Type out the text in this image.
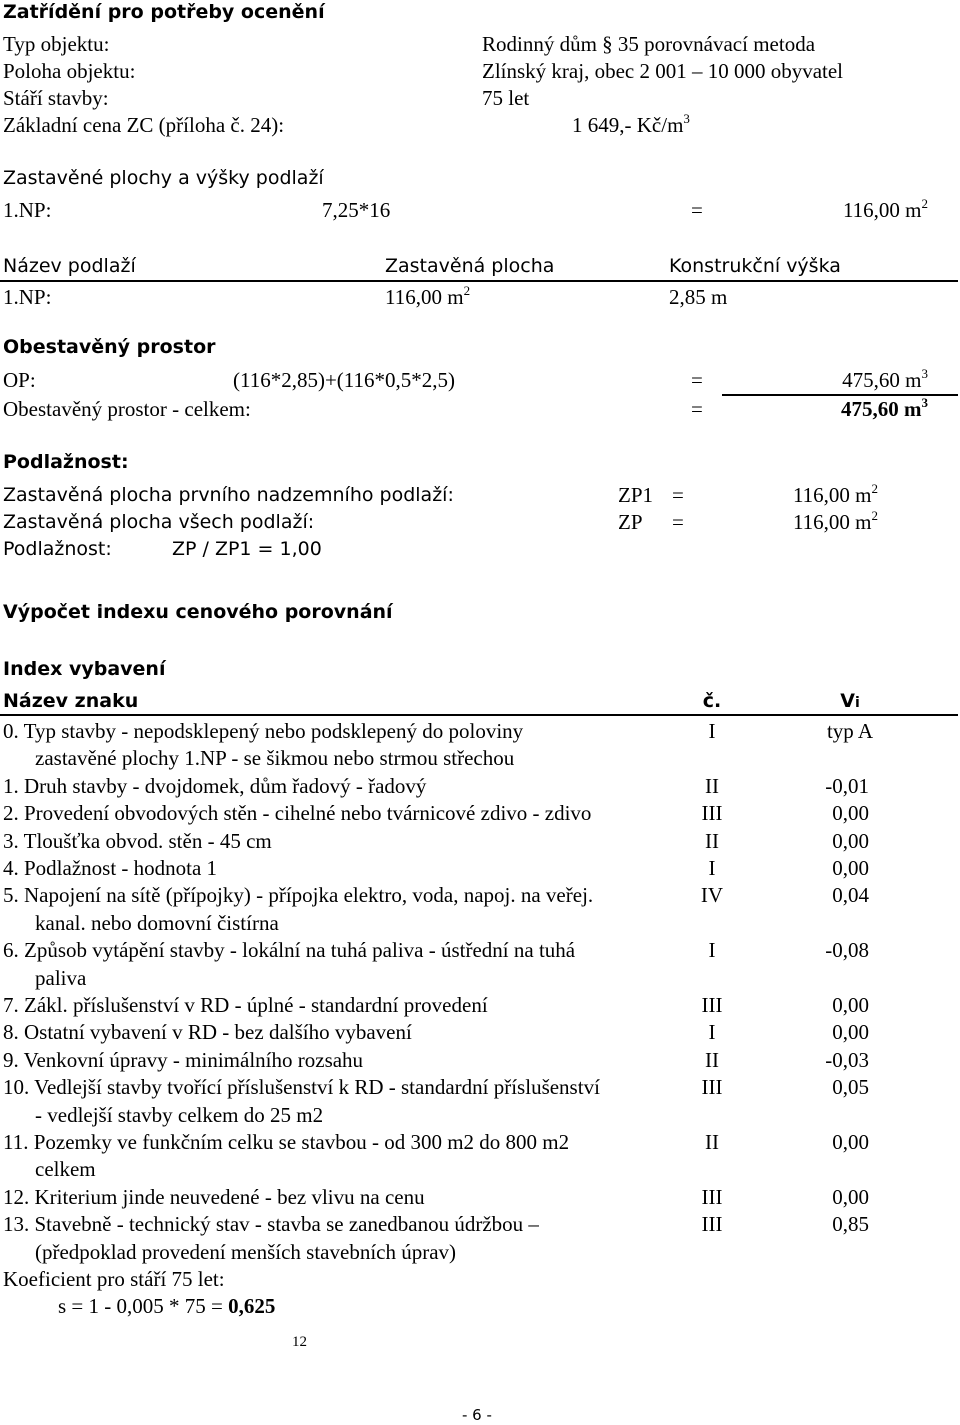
Zatřídění pro potřeby ocenění
Typ objektu:	Rodinný dům § 35 porovnávací metoda
Poloha objektu:	Zlínský kraj, obec 2 001 – 10 000 obyvatel
Stáří stavby:	75 let
Základní cena ZC (příloha č. 24):	1 649,- $Kč/m^3$
Zastavěné plochy a výšky podlaží
1.NP:	7,25*16	=	116,00 $m^2$
Název podlaží	Zastavěná plocha	Konstrukční výška
1.NP:	116,00 $m^2$	2,85 m
Obestavěný prostor
OP:	(116*2,85)+(116*0,5*2,5)	=	475,60 $m^3$
Obestavěný prostor - celkem:	=	475,60 $m^3$
Podlažnost:
Zastavěná plocha prvního nadzemního podlaží:	ZP1 =	116,00 $m^2$
Zastavěná plocha všech podlaží:	ZP =	116,00 $m^2$
Podlažnost:	ZP / ZP1 = 1,00
Výpočet indexu cenového porovnání
Index vybavení
Název znaku	č.	Vi
0. Typ stavby - nepodsklepený nebo podsklepený do poloviny	I	typ A
zastavěné plochy 1.NP - se šikmou nebo strmou střechou
1. Druh stavby - dvojdomek, dům řadový - řadový	II	-0,01
2. Provedení obvodových stěn - cihelné nebo tvárnicové zdivo - zdivo	III	0,00
3. Tloušťka obvod. stěn - 45 cm	II	0,00
4. Podlažnost - hodnota 1	I	0,00
5. Napojení na sítě (přípojky) - přípojka elektro, voda, napoj. na veřej.	IV	0,04
kanal. nebo domovní čistírna
6. Způsob vytápění stavby - lokální na tuhá paliva - ústřední na tuhá	I	-0,08
paliva
7. Zákl. příslušenství v RD - úplné - standardní provedení	III	0,00
8. Ostatní vybavení v RD - bez dalšího vybavení	I	0,00
9. Venkovní úpravy - minimálního rozsahu	II	-0,03
10. Vedlejší stavby tvořící příslušenství k RD - standardní příslušenství	III	0,05
- vedlejší stavby celkem do 25 m2
11. Pozemky ve funkčním celku se stavbou - od 300 m2 do 800 m2	II	0,00
celkem
12. Kriterium jinde neuvedené - bez vlivu na cenu	III	0,00
13. Stavebně - technický stav - stavba se zanedbanou údržbou –	III	0,85
(předpoklad provedení menších stavebních úprav)
Koeficient pro stáří 75 let:
s = 1 - 0,005 * 75 = 0,625
12
- 6 -
